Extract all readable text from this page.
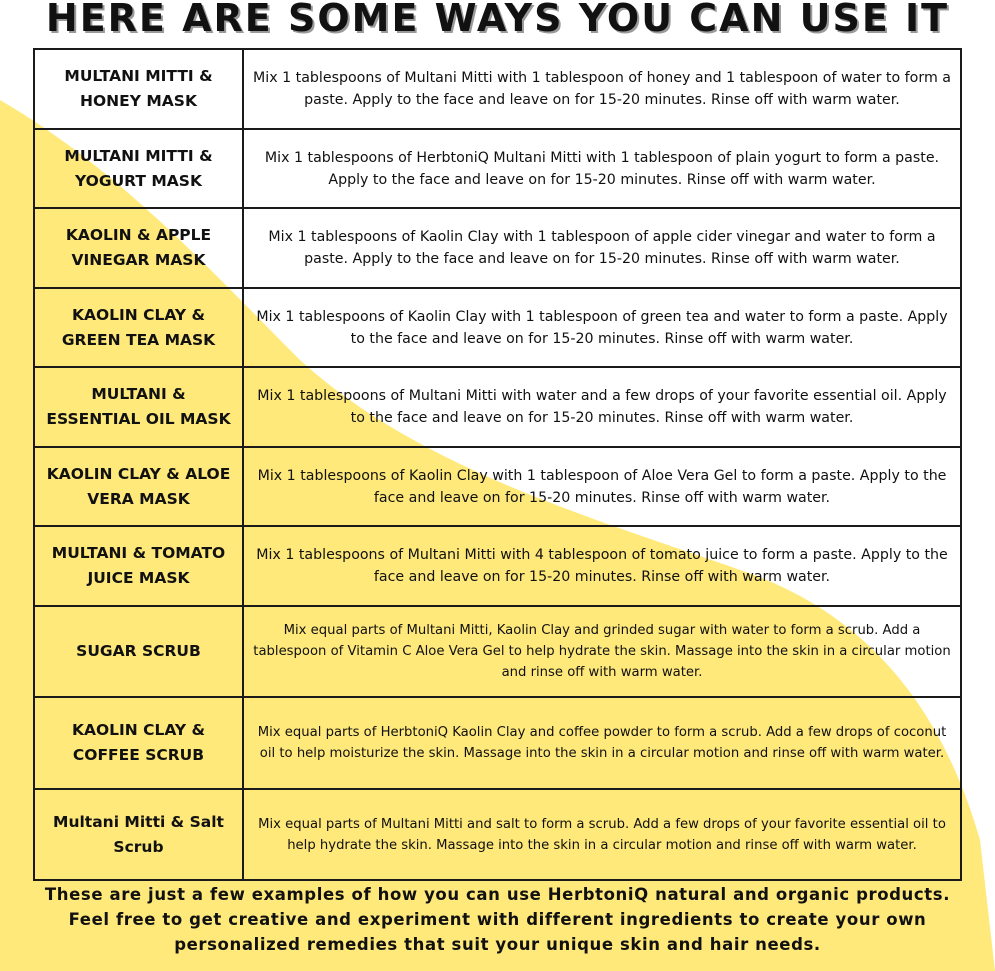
HERE ARE SOME WAYS YOU CAN USE IT
MULTANI MITTI & HONEY MASK	Mix 1 tablespoons of Multani Mitti with 1 tablespoon of honey and 1 tablespoon of water to form a paste. Apply to the face and leave on for 15-20 minutes. Rinse off with warm water.
MULTANI MITTI & YOGURT MASK	Mix 1 tablespoons of HerbtoniQ Multani Mitti with 1 tablespoon of plain yogurt to form a paste. Apply to the face and leave on for 15-20 minutes. Rinse off with warm water.
KAOLIN & APPLE VINEGAR MASK	Mix 1 tablespoons of Kaolin Clay with 1 tablespoon of apple cider vinegar and water to form a paste. Apply to the face and leave on for 15-20 minutes. Rinse off with warm water.
KAOLIN CLAY & GREEN TEA MASK	Mix 1 tablespoons of Kaolin Clay with 1 tablespoon of green tea and water to form a paste. Apply to the face and leave on for 15-20 minutes. Rinse off with warm water.
MULTANI & ESSENTIAL OIL MASK	Mix 1 tablespoons of Multani Mitti with water and a few drops of your favorite essential oil. Apply to the face and leave on for 15-20 minutes. Rinse off with warm water.
KAOLIN CLAY & ALOE VERA MASK	Mix 1 tablespoons of Kaolin Clay with 1 tablespoon of Aloe Vera Gel to form a paste. Apply to the face and leave on for 15-20 minutes. Rinse off with warm water.
MULTANI & TOMATO JUICE MASK	Mix 1 tablespoons of Multani Mitti with 4 tablespoon of tomato juice to form a paste. Apply to the face and leave on for 15-20 minutes. Rinse off with warm water.
SUGAR SCRUB	Mix equal parts of Multani Mitti, Kaolin Clay and grinded sugar with water to form a scrub. Add a tablespoon of Vitamin C Aloe Vera Gel to help hydrate the skin. Massage into the skin in a circular motion and rinse off with warm water.
KAOLIN CLAY & COFFEE SCRUB	Mix equal parts of HerbtoniQ Kaolin Clay and coffee powder to form a scrub. Add a few drops of coconut oil to help moisturize the skin. Massage into the skin in a circular motion and rinse off with warm water.
Multani Mitti & Salt Scrub	Mix equal parts of Multani Mitti and salt to form a scrub. Add a few drops of your favorite essential oil to help hydrate the skin. Massage into the skin in a circular motion and rinse off with warm water.
These are just a few examples of how you can use HerbtoniQ natural and organic products. Feel free to get creative and experiment with different ingredients to create your own personalized remedies that suit your unique skin and hair needs.
